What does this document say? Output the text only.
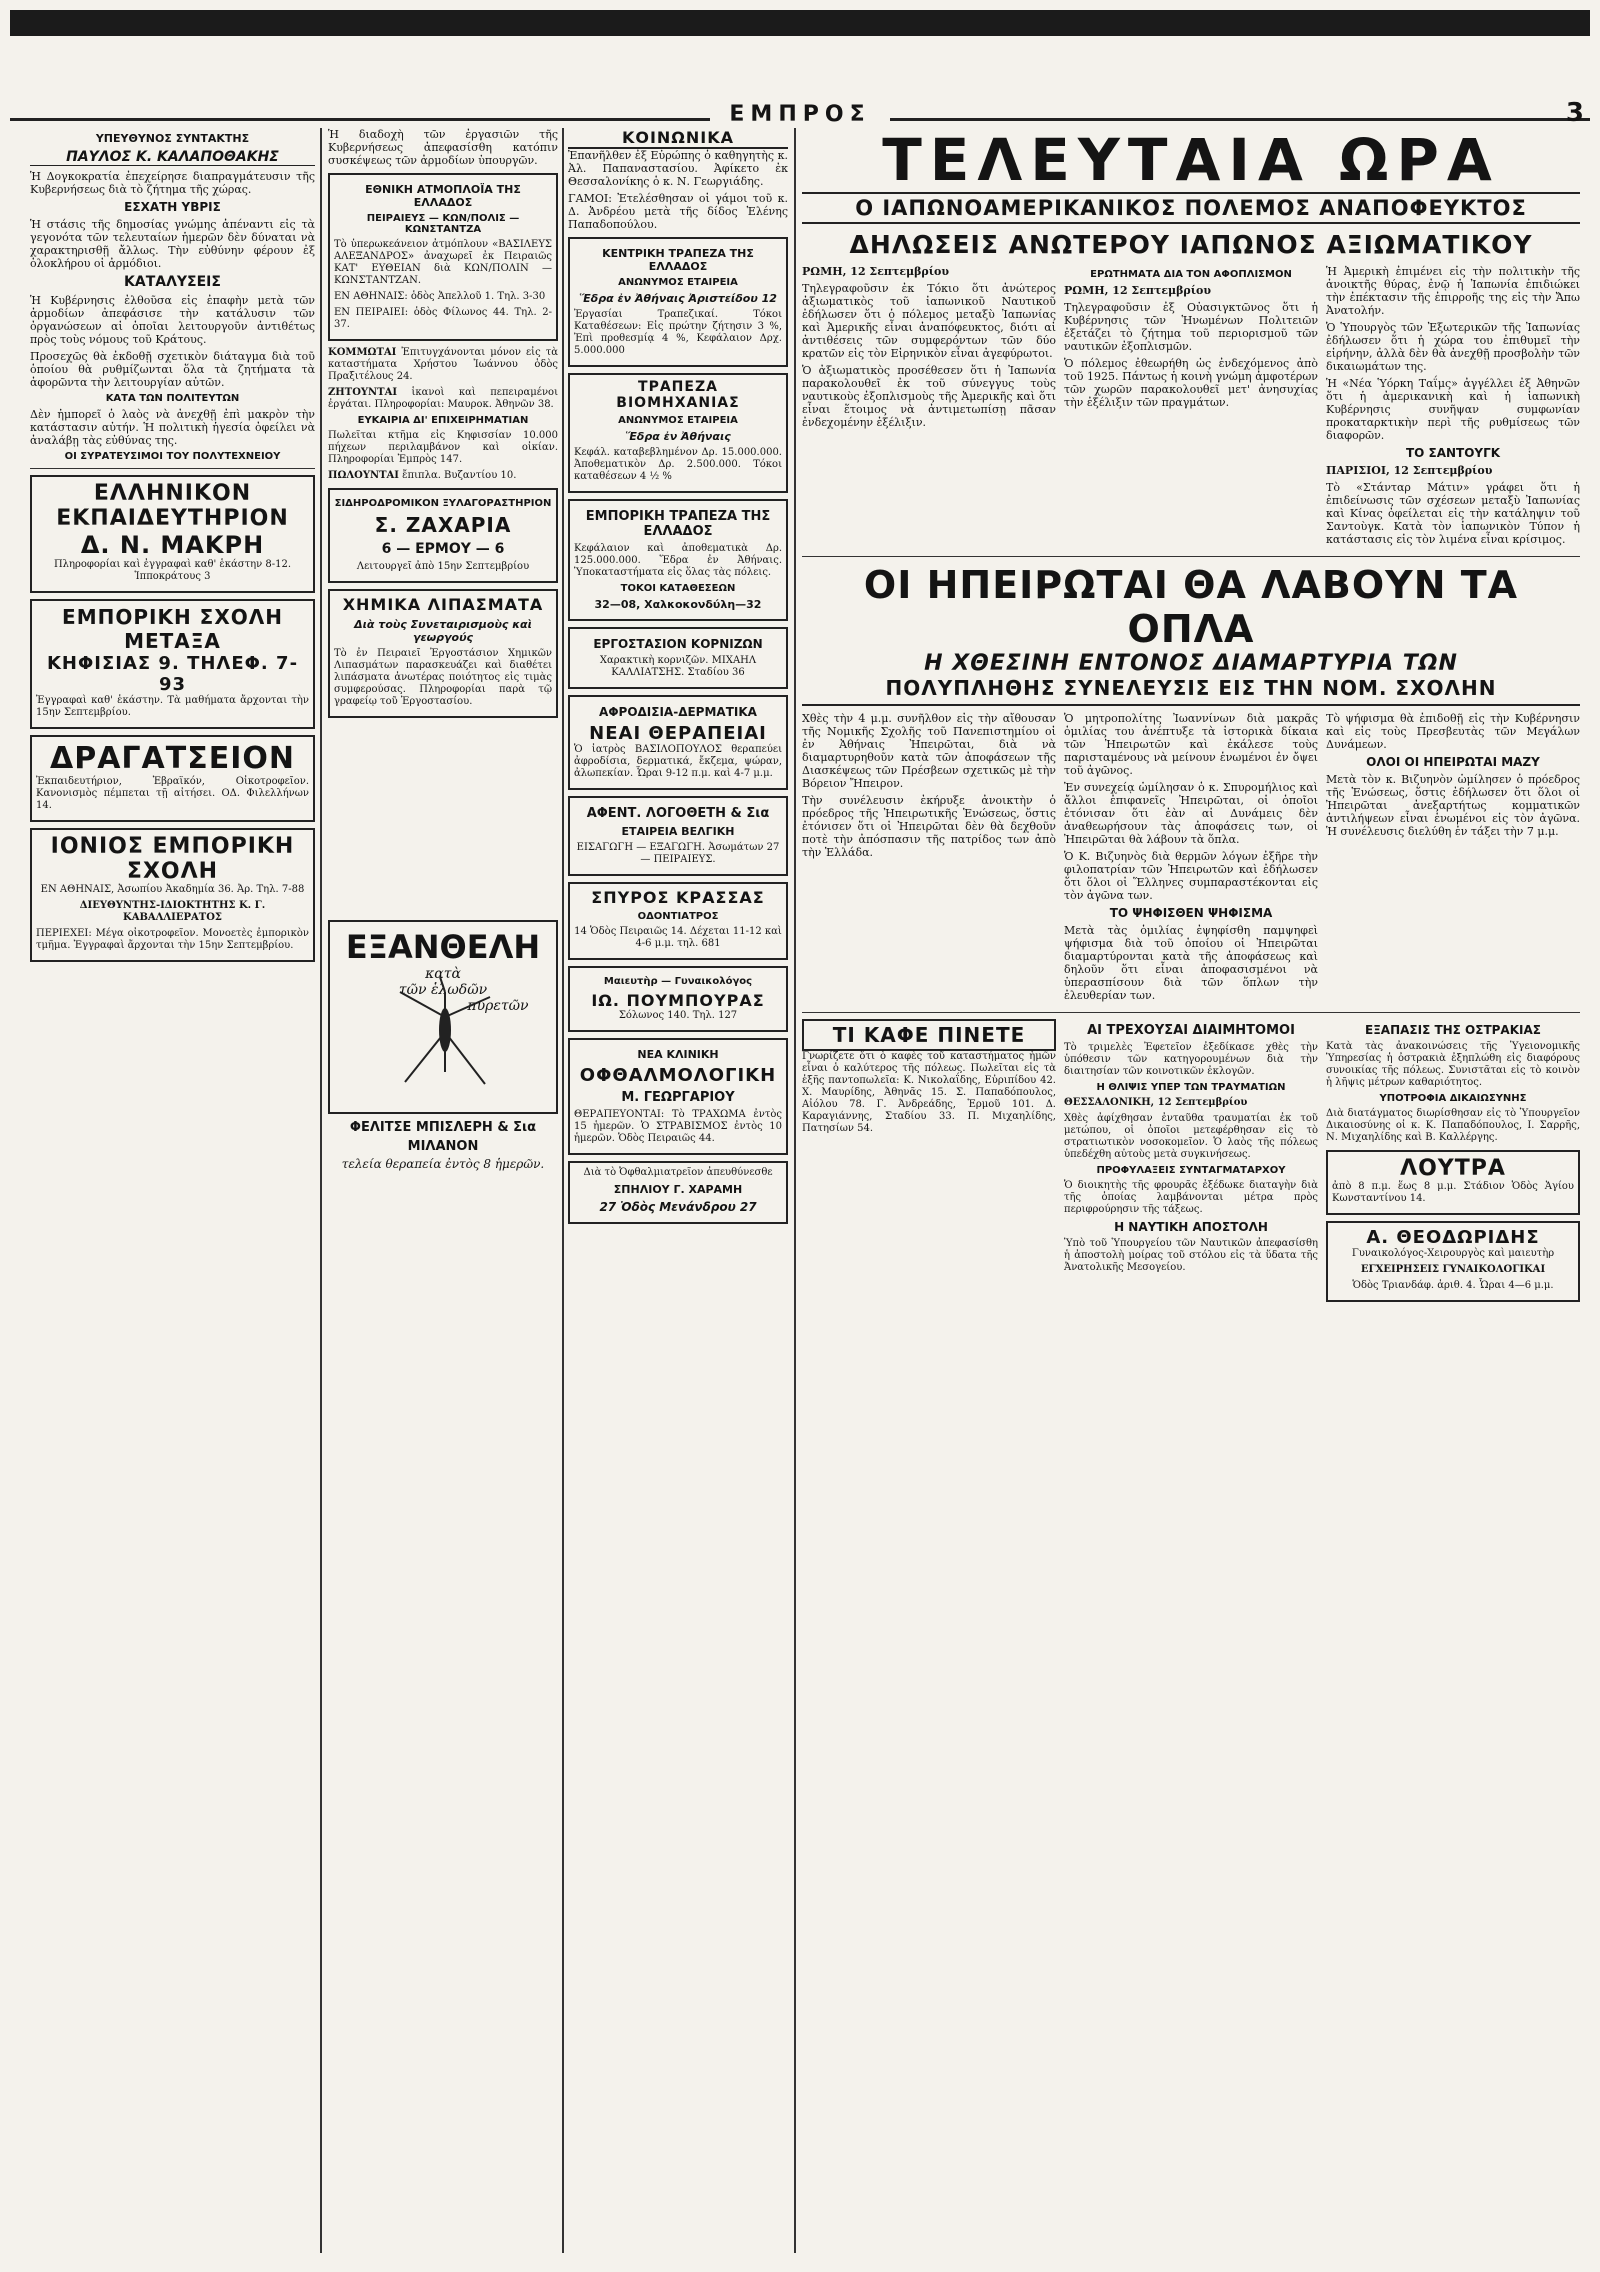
ΕΜΠΡΟΣ	3
ΥΠΕΥΘΥΝΟΣ ΣΥΝΤΑΚΤΗΣ
ΠΑΥΛΟΣ Κ. ΚΑΛΑΠΟΘΑΚΗΣ

Ἡ Δογκοκρατία ἐπεχείρησε διαπραγμάτευσιν τῆς Κυβερνήσεως διὰ τὸ ζήτημα τῆς χώρας.

ΕΣΧΑΤΗ ΥΒΡΙΣ

Ἡ στάσις τῆς δημοσίας γνώμης ἀπέναντι εἰς τὰ γεγονότα τῶν τελευταίων ἡμερῶν δὲν δύναται νὰ χαρακτηρισθῇ ἄλλως. Τὴν εὐθύνην φέρουν ἐξ ὁλοκλήρου οἱ ἀρμόδιοι.

ΚΑΤΑΛΥΣΕΙΣ

Ἡ Κυβέρνησις ἐλθοῦσα εἰς ἐπαφὴν μετὰ τῶν ἀρμοδίων ἀπεφάσισε τὴν κατάλυσιν τῶν ὀργανώσεων αἱ ὁποῖαι λειτουργοῦν ἀντιθέτως πρὸς τοὺς νόμους τοῦ Κράτους.

Προσεχῶς θὰ ἐκδοθῇ σχετικὸν διάταγμα διὰ τοῦ ὁποίου θὰ ρυθμίζωνται ὅλα τὰ ζητήματα τὰ ἀφορῶντα τὴν λειτουργίαν αὐτῶν.

ΚΑΤΑ ΤΩΝ ΠΟΛΙΤΕΥΤΩΝ

Δὲν ἠμπορεῖ ὁ λαὸς νὰ ἀνεχθῇ ἐπὶ μακρὸν τὴν κατάστασιν αὐτήν. Ἡ πολιτικὴ ἡγεσία ὀφείλει νὰ ἀναλάβῃ τὰς εὐθύνας της.

ΟΙ ΣΥΡΑΤΕΥΣΙΜΟΙ ΤΟΥ ΠΟΛΥΤΕΧΝΕΙΟΥ
ΕΛΛΗΝΙΚΟΝ ΕΚΠΑΙΔΕΥΤΗΡΙΟΝ
Δ. Ν. ΜΑΚΡΗ

Πληροφορίαι καὶ ἐγγραφαὶ καθ' ἑκάστην 8-12. Ἱπποκράτους 3

ΕΜΠΟΡΙΚΗ ΣΧΟΛΗ ΜΕΤΑΞΑ
ΚΗΦΙΣΙΑΣ 9. ΤΗΛΕΦ. 7-93

Ἐγγραφαὶ καθ' ἑκάστην. Τὰ μαθήματα ἄρχονται τὴν 15ην Σεπτεμβρίου.

ΔΡΑΓΑΤΣΕΙΟΝ

Ἐκπαιδευτήριον, Ἑβραϊκόν, Οἰκοτροφεῖον. Κανονισμὸς πέμπεται τῇ αἰτήσει. ΟΔ. Φιλελλήνων 14.

ΙΟΝΙΟΣ ΕΜΠΟΡΙΚΗ ΣΧΟΛΗ

ΕΝ ΑΘΗΝΑΙΣ, Ἀσωπίου Ἀκαδημία 36. Ἀρ. Τηλ. 7-88

ΔΙΕΥΘΥΝΤΗΣ-ΙΔΙΟΚΤΗΤΗΣ Κ. Γ. ΚΑΒΑΛΛΙΕΡΑΤΟΣ

ΠΕΡΙΕΧΕΙ: Μέγα οἰκοτροφεῖον. Μονοετὲς ἐμπορικὸν τμῆμα. Ἐγγραφαὶ ἄρχονται τὴν 15ην Σεπτεμβρίου.

Ἡ διαδοχὴ τῶν ἐργασιῶν τῆς Κυβερνήσεως ἀπεφασίσθη κατόπιν συσκέψεως τῶν ἀρμοδίων ὑπουργῶν.

ΕΘΝΙΚΗ ΑΤΜΟΠΛΟΪΑ ΤΗΣ ΕΛΛΑΔΟΣ
ΠΕΙΡΑΙΕΥΣ — ΚΩΝ/ΠΟΛΙΣ — ΚΩΝΣΤΑΝΤΖΑ

Τὸ ὑπερωκεάνειον ἀτμόπλουν «ΒΑΣΙΛΕΥΣ ΑΛΕΞΑΝΔΡΟΣ» ἀναχωρεῖ ἐκ Πειραιῶς ΚΑΤ' ΕΥΘΕΙΑΝ διὰ ΚΩΝ/ΠΟΛΙΝ — ΚΩΝΣΤΑΝΤΖΑΝ.

ΕΝ ΑΘΗΝΑΙΣ: ὁδὸς Ἀπελλοῦ 1. Τηλ. 3-30

ΕΝ ΠΕΙΡΑΙΕΙ: ὁδὸς Φίλωνος 44. Τηλ. 2-37.

ΚΟΜΜΩΤΑΙ Ἐπιτυγχάνονται μόνον εἰς τὰ καταστήματα Χρήστου Ἰωάννου ὁδὸς Πραξιτέλους 24.

ΖΗΤΟΥΝΤΑΙ ἱκανοὶ καὶ πεπειραμένοι ἐργάται. Πληροφορίαι: Μαυροκ. Ἀθηνῶν 38.

ΕΥΚΑΙΡΙΑ ΔΙ' ΕΠΙΧΕΙΡΗΜΑΤΙΑΝ

Πωλεῖται κτῆμα εἰς Κηφισσίαν 10.000 πήχεων περιλαμβάνον καὶ οἰκίαν. Πληροφορίαι Ἐμπρὸς 147.

ΠΩΛΟΥΝΤΑΙ ἔπιπλα. Βυζαντίου 10.

ΣΙΔΗΡΟΔΡΟΜΙΚΟΝ ΞΥΛΑΓΟΡΑΣΤΗΡΙΟΝ
Σ. ΖΑΧΑΡΙΑ
6 — ΕΡΜΟΥ — 6

Λειτουργεῖ ἀπὸ 15ην Σεπτεμβρίου

ΧΗΜΙΚΑ ΛΙΠΑΣΜΑΤΑ
Διὰ τοὺς Συνεταιρισμοὺς καὶ γεωργούς

Τὸ ἐν Πειραιεῖ Ἐργοστάσιον Χημικῶν Λιπασμάτων παρασκευάζει καὶ διαθέτει λιπάσματα ἀνωτέρας ποιότητος εἰς τιμὰς συμφερούσας. Πληροφορίαι παρὰ τῷ γραφείῳ τοῦ Ἐργοστασίου.

ΕΞΑΝΘΕΛΗ
κατὰ
τῶν ἑλωδῶν
πυρετῶν
ΦΕΛΙΤΣΕ ΜΠΙΣΛΕΡΗ & Σια
ΜΙΛΑΝΟΝ

τελεία θεραπεία ἐντὸς 8 ἡμερῶν.

ΚΟΙΝΩΝΙΚΑ

Ἐπανῆλθεν ἐξ Εὐρώπης ὁ καθηγητὴς κ. Ἀλ. Παπαναστασίου. Ἀφίκετο ἐκ Θεσσαλονίκης ὁ κ. Ν. Γεωργιάδης.

ΓΑΜΟΙ: Ἐτελέσθησαν οἱ γάμοι τοῦ κ. Δ. Ἀνδρέου μετὰ τῆς δίδος Ἑλένης Παπαδοπούλου.

ΚΕΝΤΡΙΚΗ ΤΡΑΠΕΖΑ ΤΗΣ ΕΛΛΑΔΟΣ
ΑΝΩΝΥΜΟΣ ΕΤΑΙΡΕΙΑ
Ἕδρα ἐν Ἀθήναις Ἀριστείδου 12

Ἐργασίαι Τραπεζικαί. Τόκοι Καταθέσεων: Εἰς πρώτην ζήτησιν 3 %, Ἐπὶ προθεσμίᾳ 4 %, Κεφάλαιον Δρχ. 5.000.000

ΤΡΑΠΕΖΑ ΒΙΟΜΗΧΑΝΙΑΣ
ΑΝΩΝΥΜΟΣ ΕΤΑΙΡΕΙΑ
Ἕδρα ἐν Ἀθήναις

Κεφάλ. καταβεβλημένον Δρ. 15.000.000. Ἀποθεματικὸν Δρ. 2.500.000. Τόκοι καταθέσεων 4 ½ %

ΕΜΠΟΡΙΚΗ ΤΡΑΠΕΖΑ ΤΗΣ ΕΛΛΑΔΟΣ

Κεφάλαιον καὶ ἀποθεματικὰ Δρ. 125.000.000. Ἕδρα ἐν Ἀθήναις. Ὑποκαταστήματα εἰς ὅλας τὰς πόλεις.

ΤΟΚΟΙ ΚΑΤΑΘΕΣΕΩΝ
32—08, Χαλκοκονδύλη—32
ΕΡΓΟΣΤΑΣΙΟΝ ΚΟΡΝΙΖΩΝ

Χαρακτικὴ κορνιζῶν. ΜΙΧΑΗΛ ΚΑΛΛΙΑΤΣΗΣ. Σταδίου 36

ΑΦΡΟΔΙΣΙΑ-ΔΕΡΜΑΤΙΚΑ
ΝΕΑΙ ΘΕΡΑΠΕΙΑΙ

Ὁ ἰατρὸς ΒΑΣΙΛΟΠΟΥΛΟΣ θεραπεύει ἀφροδίσια, δερματικά, ἔκζεμα, ψώραν, ἀλωπεκίαν. Ὧραι 9-12 π.μ. καὶ 4-7 μ.μ.

ΑΦΕΝΤ. ΛΟΓΟΘΕΤΗ & Σια
ΕΤΑΙΡΕΙΑ ΒΕΛΓΙΚΗ

ΕΙΣΑΓΩΓΗ — ΕΞΑΓΩΓΗ. Ἀσωμάτων 27 — ΠΕΙΡΑΙΕΥΣ.

ΣΠΥΡΟΣ ΚΡΑΣΣΑΣ
ΟΔΟΝΤΙΑΤΡΟΣ

14 Ὁδὸς Πειραιῶς 14. Δέχεται 11-12 καὶ 4-6 μ.μ. τηλ. 681

Μαιευτὴρ — Γυναικολόγος
ΙΩ. ΠΟΥΜΠΟΥΡΑΣ

Σόλωνος 140. Τηλ. 127

ΝΕΑ ΚΛΙΝΙΚΗ
ΟΦΘΑΛΜΟΛΟΓΙΚΗ
Μ. ΓΕΩΡΓΑΡΙΟΥ

ΘΕΡΑΠΕΥΟΝΤΑΙ: Τὸ ΤΡΑΧΩΜΑ ἐντὸς 15 ἡμερῶν. Ὁ ΣΤΡΑΒΙΣΜΟΣ ἐντὸς 10 ἡμερῶν. Ὁδὸς Πειραιῶς 44.

Διὰ τὸ Ὀφθαλμιατρεῖον ἀπευθύνεσθε

ΣΠΗΛΙΟΥ Γ. ΧΑΡΑΜΗ
27 Ὁδὸς Μενάνδρου 27
ΤΕΛΕΥΤΑΙΑ ΩΡΑ
Ο ΙΑΠΩΝΟΑΜΕΡΙΚΑΝΙΚΟΣ ΠΟΛΕΜΟΣ ΑΝΑΠΟΦΕΥΚΤΟΣ
ΔΗΛΩΣΕΙΣ ΑΝΩΤΕΡΟΥ ΙΑΠΩΝΟΣ ΑΞΙΩΜΑΤΙΚΟΥ

ΡΩΜΗ, 12 Σεπτεμβρίου

Τηλεγραφοῦσιν ἐκ Τόκιο ὅτι ἀνώτερος ἀξιωματικὸς τοῦ ἰαπωνικοῦ Ναυτικοῦ ἐδήλωσεν ὅτι ὁ πόλεμος μεταξὺ Ἰαπωνίας καὶ Ἀμερικῆς εἶναι ἀναπόφευκτος, διότι αἱ ἀντιθέσεις τῶν συμφερόντων τῶν δύο κρατῶν εἰς τὸν Εἰρηνικὸν εἶναι ἀγεφύρωτοι.

Ὁ ἀξιωματικὸς προσέθεσεν ὅτι ἡ Ἰαπωνία παρακολουθεῖ ἐκ τοῦ σύνεγγυς τοὺς ναυτικοὺς ἐξοπλισμοὺς τῆς Ἀμερικῆς καὶ ὅτι εἶναι ἕτοιμος νὰ ἀντιμετωπίσῃ πᾶσαν ἐνδεχομένην ἐξέλιξιν.

ΕΡΩΤΗΜΑΤΑ ΔΙΑ ΤΟΝ ΑΦΟΠΛΙΣΜΟΝ

ΡΩΜΗ, 12 Σεπτεμβρίου

Τηλεγραφοῦσιν ἐξ Οὐασιγκτῶνος ὅτι ἡ Κυβέρνησις τῶν Ἡνωμένων Πολιτειῶν ἐξετάζει τὸ ζήτημα τοῦ περιορισμοῦ τῶν ναυτικῶν ἐξοπλισμῶν.

Ὁ πόλεμος ἐθεωρήθη ὡς ἐνδεχόμενος ἀπὸ τοῦ 1925. Πάντως ἡ κοινὴ γνώμη ἀμφοτέρων τῶν χωρῶν παρακολουθεῖ μετ' ἀνησυχίας τὴν ἐξέλιξιν τῶν πραγμάτων.

Ἡ Ἀμερικὴ ἐπιμένει εἰς τὴν πολιτικὴν τῆς ἀνοικτῆς θύρας, ἐνῷ ἡ Ἰαπωνία ἐπιδιώκει τὴν ἐπέκτασιν τῆς ἐπιρροῆς της εἰς τὴν Ἄπω Ἀνατολήν.

Ὁ Ὑπουργὸς τῶν Ἐξωτερικῶν τῆς Ἰαπωνίας ἐδήλωσεν ὅτι ἡ χώρα του ἐπιθυμεῖ τὴν εἰρήνην, ἀλλὰ δὲν θὰ ἀνεχθῇ προσβολὴν τῶν δικαιωμάτων της.

Ἡ «Νέα Ὑόρκη Ταΐμς» ἀγγέλλει ἐξ Ἀθηνῶν ὅτι ἡ ἀμερικανικὴ καὶ ἡ ἰαπωνικὴ Κυβέρνησις συνῆψαν συμφωνίαν προκαταρκτικὴν περὶ τῆς ρυθμίσεως τῶν διαφορῶν.

ΤΟ ΣΑΝΤΟΥΓΚ

ΠΑΡΙΣΙΟΙ, 12 Σεπτεμβρίου

Τὸ «Στάνταρ Μάτιν» γράφει ὅτι ἡ ἐπιδείνωσις τῶν σχέσεων μεταξὺ Ἰαπωνίας καὶ Κίνας ὀφείλεται εἰς τὴν κατάληψιν τοῦ Σαντοὺγκ. Κατὰ τὸν ἰαπωνικὸν Τύπον ἡ κατάστασις εἰς τὸν λιμένα εἶναι κρίσιμος.

ΟΙ ΗΠΕΙΡΩΤΑΙ ΘΑ ΛΑΒΟΥΝ ΤΑ ΟΠΛΑ
Η ΧΘΕΣΙΝΗ ΕΝΤΟΝΟΣ ΔΙΑΜΑΡΤΥΡΙΑ ΤΩΝ
ΠΟΛΥΠΛΗΘΗΣ ΣΥΝΕΛΕΥΣΙΣ ΕΙΣ ΤΗΝ ΝΟΜ. ΣΧΟΛΗΝ

Χθὲς τὴν 4 μ.μ. συνῆλθον εἰς τὴν αἴθουσαν τῆς Νομικῆς Σχολῆς τοῦ Πανεπιστημίου οἱ ἐν Ἀθήναις Ἠπειρῶται, διὰ νὰ διαμαρτυρηθοῦν κατὰ τῶν ἀποφάσεων τῆς Διασκέψεως τῶν Πρέσβεων σχετικῶς μὲ τὴν Βόρειον Ἤπειρον.

Τὴν συνέλευσιν ἐκήρυξε ἀνοικτὴν ὁ πρόεδρος τῆς Ἠπειρωτικῆς Ἑνώσεως, ὅστις ἐτόνισεν ὅτι οἱ Ἠπειρῶται δὲν θὰ δεχθοῦν ποτὲ τὴν ἀπόσπασιν τῆς πατρίδος των ἀπὸ τὴν Ἑλλάδα.

Ὁ μητροπολίτης Ἰωαννίνων διὰ μακρᾶς ὁμιλίας του ἀνέπτυξε τὰ ἱστορικὰ δίκαια τῶν Ἠπειρωτῶν καὶ ἐκάλεσε τοὺς παρισταμένους νὰ μείνουν ἑνωμένοι ἐν ὄψει τοῦ ἀγῶνος.

Ἐν συνεχείᾳ ὡμίλησαν ὁ κ. Σπυρομήλιος καὶ ἄλλοι ἐπιφανεῖς Ἠπειρῶται, οἱ ὁποῖοι ἐτόνισαν ὅτι ἐὰν αἱ Δυνάμεις δὲν ἀναθεωρήσουν τὰς ἀποφάσεις των, οἱ Ἠπειρῶται θὰ λάβουν τὰ ὅπλα.

Ὁ Κ. Βιζυηνὸς διὰ θερμῶν λόγων ἐξῆρε τὴν φιλοπατρίαν τῶν Ἠπειρωτῶν καὶ ἐδήλωσεν ὅτι ὅλοι οἱ Ἕλληνες συμπαραστέκονται εἰς τὸν ἀγῶνα των.

ΤΟ ΨΗΦΙΣΘΕΝ ΨΗΦΙΣΜΑ

Μετὰ τὰς ὁμιλίας ἐψηφίσθη παμψηφεὶ ψήφισμα διὰ τοῦ ὁποίου οἱ Ἠπειρῶται διαμαρτύρονται κατὰ τῆς ἀποφάσεως καὶ δηλοῦν ὅτι εἶναι ἀποφασισμένοι νὰ ὑπερασπίσουν διὰ τῶν ὅπλων τὴν ἐλευθερίαν των.

Τὸ ψήφισμα θὰ ἐπιδοθῇ εἰς τὴν Κυβέρνησιν καὶ εἰς τοὺς Πρεσβευτὰς τῶν Μεγάλων Δυνάμεων.

ΟΛΟΙ ΟΙ ΗΠΕΙΡΩΤΑΙ ΜΑΖΥ

Μετὰ τὸν κ. Βιζυηνὸν ὡμίλησεν ὁ πρόεδρος τῆς Ἑνώσεως, ὅστις ἐδήλωσεν ὅτι ὅλοι οἱ Ἠπειρῶται ἀνεξαρτήτως κομματικῶν ἀντιλήψεων εἶναι ἑνωμένοι εἰς τὸν ἀγῶνα. Ἡ συνέλευσις διελύθη ἐν τάξει τὴν 7 μ.μ.

ΤΙ ΚΑΦΕ ΠΙΝΕΤΕ

Γνωρίζετε ὅτι ὁ καφὲς τοῦ καταστήματος ἡμῶν εἶναι ὁ καλύτερος τῆς πόλεως. Πωλεῖται εἰς τὰ ἑξῆς παντοπωλεῖα: Κ. Νικολαΐδης, Εὐριπίδου 42. Χ. Μαυρίδης, Ἀθηνᾶς 15. Σ. Παπαδόπουλος, Αἰόλου 78. Γ. Ἀνδρεάδης, Ἑρμοῦ 101. Δ. Καραγιάννης, Σταδίου 33. Π. Μιχαηλίδης, Πατησίων 54.

ΑΙ ΤΡΕΧΟΥΣΑΙ ΔΙΑΙΜΗΤΟΜΟΙ

Τὸ τριμελὲς Ἐφετεῖον ἐξεδίκασε χθὲς τὴν ὑπόθεσιν τῶν κατηγορουμένων διὰ τὴν διαιτησίαν τῶν κοινοτικῶν ἐκλογῶν.

Η ΘΛΙΨΙΣ ΥΠΕΡ ΤΩΝ ΤΡΑΥΜΑΤΙΩΝ

ΘΕΣΣΑΛΟΝΙΚΗ, 12 Σεπτεμβρίου

Χθὲς ἀφίχθησαν ἐνταῦθα τραυματίαι ἐκ τοῦ μετώπου, οἱ ὁποῖοι μετεφέρθησαν εἰς τὸ στρατιωτικὸν νοσοκομεῖον. Ὁ λαὸς τῆς πόλεως ὑπεδέχθη αὐτοὺς μετὰ συγκινήσεως.

ΠΡΟΦΥΛΑΞΕΙΣ ΣΥΝΤΑΓΜΑΤΑΡΧΟΥ

Ὁ διοικητὴς τῆς φρουρᾶς ἐξέδωκε διαταγὴν διὰ τῆς ὁποίας λαμβάνονται μέτρα πρὸς περιφρούρησιν τῆς τάξεως.

Η ΝΑΥΤΙΚΗ ΑΠΟΣΤΟΛΗ

Ὑπὸ τοῦ Ὑπουργείου τῶν Ναυτικῶν ἀπεφασίσθη ἡ ἀποστολὴ μοίρας τοῦ στόλου εἰς τὰ ὕδατα τῆς Ἀνατολικῆς Μεσογείου.

ΕΞΑΠΑΣΙΣ ΤΗΣ ΟΣΤΡΑΚΙΑΣ

Κατὰ τὰς ἀνακοινώσεις τῆς Ὑγειονομικῆς Ὑπηρεσίας ἡ ὀστρακιὰ ἐξηπλώθη εἰς διαφόρους συνοικίας τῆς πόλεως. Συνιστᾶται εἰς τὸ κοινὸν ἡ λῆψις μέτρων καθαριότητος.

ΥΠΟΤΡΟΦΙΑ ΔΙΚΑΙΩΣΥΝΗΣ

Διὰ διατάγματος διωρίσθησαν εἰς τὸ Ὑπουργεῖον Δικαιοσύνης οἱ κ. Κ. Παπαδόπουλος, Ι. Σαρρῆς, Ν. Μιχαηλίδης καὶ Β. Καλλέργης.

ΛΟΥΤΡΑ

ἀπὸ 8 π.μ. ἕως 8 μ.μ. Στάδιον Ὁδὸς Ἁγίου Κωνσταντίνου 14.

Α. ΘΕΟΔΩΡΙΔΗΣ

Γυναικολόγος-Χειρουργὸς καὶ μαιευτὴρ

ΕΓΧΕΙΡΗΣΕΙΣ ΓΥΝΑΙΚΟΛΟΓΙΚΑΙ

Ὁδὸς Τριανδάφ. ἀριθ. 4. Ὧραι 4—6 μ.μ.
